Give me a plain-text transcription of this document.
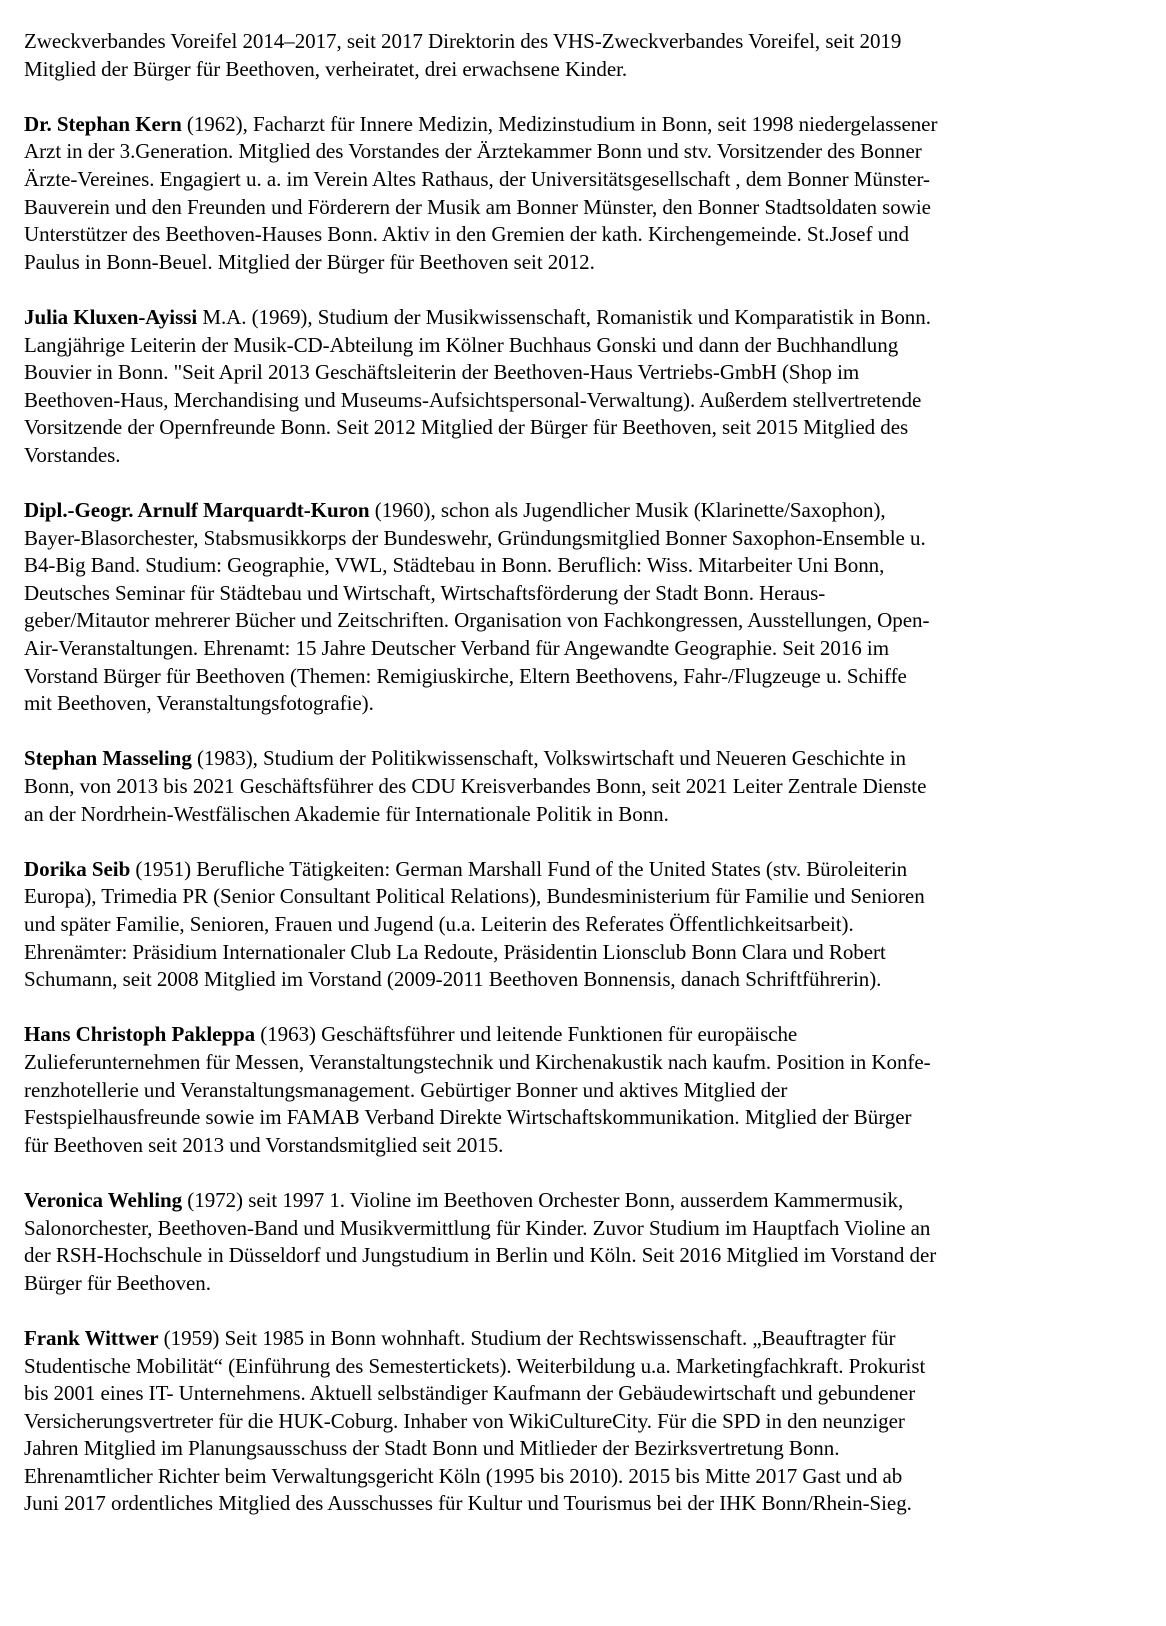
Zweckverbandes Voreifel 2014–2017, seit 2017 Direktorin des VHS-Zweckverbandes Voreifel, seit 2019
Mitglied der Bürger für Beethoven, verheiratet, drei erwachsene Kinder.

Dr. Stephan Kern (1962), Facharzt für Innere Medizin, Medizinstudium in Bonn, seit 1998 niedergelassener
Arzt in der 3.Generation. Mitglied des Vorstandes der Ärztekammer Bonn und stv. Vorsitzender des Bonner
Ärzte-Vereines. Engagiert u. a. im Verein Altes Rathaus, der Universitätsgesellschaft , dem Bonner Münster-
Bauverein und den Freunden und Förderern der Musik am Bonner Münster, den Bonner Stadtsoldaten sowie
Unterstützer des Beethoven-Hauses Bonn. Aktiv in den Gremien der kath. Kirchengemeinde. St.Josef und
Paulus in Bonn-Beuel. Mitglied der Bürger für Beethoven seit 2012.

Julia Kluxen-Ayissi M.A. (1969), Studium der Musikwissenschaft, Romanistik und Komparatistik in Bonn.
Langjährige Leiterin der Musik-CD-Abteilung im Kölner Buchhaus Gonski und dann der Buchhandlung
Bouvier in Bonn. "Seit April 2013 Geschäftsleiterin der Beethoven-Haus Vertriebs-GmbH (Shop im
Beethoven-Haus, Merchandising und Museums-Aufsichtspersonal-Verwaltung). Außerdem stellvertretende
Vorsitzende der Opernfreunde Bonn. Seit 2012 Mitglied der Bürger für Beethoven, seit 2015 Mitglied des
Vorstandes.

Dipl.-Geogr. Arnulf Marquardt-Kuron (1960), schon als Jugendlicher Musik (Klarinette/Saxophon),
Bayer-Blasorchester, Stabsmusikkorps der Bundeswehr, Gründungsmitglied Bonner Saxophon-Ensemble u.
B4-Big Band. Studium: Geographie, VWL, Städtebau in Bonn. Beruflich: Wiss. Mitarbeiter Uni Bonn,
Deutsches Seminar für Städtebau und Wirtschaft, Wirtschaftsförderung der Stadt Bonn. Heraus-
geber/Mitautor mehrerer Bücher und Zeitschriften. Organisation von Fachkongressen, Ausstellungen, Open-
Air-Veranstaltungen. Ehrenamt: 15 Jahre Deutscher Verband für Angewandte Geographie. Seit 2016 im
Vorstand Bürger für Beethoven (Themen: Remigiuskirche, Eltern Beethovens, Fahr-/Flugzeuge u. Schiffe
mit Beethoven, Veranstaltungsfotografie).

Stephan Masseling (1983), Studium der Politikwissenschaft, Volkswirtschaft und Neueren Geschichte in
Bonn, von 2013 bis 2021 Geschäftsführer des CDU Kreisverbandes Bonn, seit 2021 Leiter Zentrale Dienste
an der Nordrhein-Westfälischen Akademie für Internationale Politik in Bonn.

Dorika Seib (1951) Berufliche Tätigkeiten: German Marshall Fund of the United States (stv. Büroleiterin
Europa), Trimedia PR (Senior Consultant Political Relations), Bundesministerium für Familie und Senioren
und später Familie, Senioren, Frauen und Jugend (u.a. Leiterin des Referates Öffentlichkeitsarbeit).
Ehrenämter: Präsidium Internationaler Club La Redoute, Präsidentin Lionsclub Bonn Clara und Robert
Schumann, seit 2008 Mitglied im Vorstand (2009-2011 Beethoven Bonnensis, danach Schriftführerin).

Hans Christoph Pakleppa (1963) Geschäftsführer und leitende Funktionen für europäische
Zulieferunternehmen für Messen, Veranstaltungstechnik und Kirchenakustik nach kaufm. Position in Konfe-
renzhotellerie und Veranstaltungsmanagement. Gebürtiger Bonner und aktives Mitglied der
Festspielhausfreunde sowie im FAMAB Verband Direkte Wirtschaftskommunikation. Mitglied der Bürger
für Beethoven seit 2013 und Vorstandsmitglied seit 2015.

Veronica Wehling (1972) seit 1997 1. Violine im Beethoven Orchester Bonn, ausserdem Kammermusik,
Salonorchester, Beethoven-Band und Musikvermittlung für Kinder. Zuvor Studium im Hauptfach Violine an
der RSH-Hochschule in Düsseldorf und Jungstudium in Berlin und Köln. Seit 2016 Mitglied im Vorstand der
Bürger für Beethoven.

Frank Wittwer (1959) Seit 1985 in Bonn wohnhaft. Studium der Rechtswissenschaft. „Beauftragter für
Studentische Mobilität“ (Einführung des Semestertickets). Weiterbildung u.a. Marketingfachkraft. Prokurist
bis 2001 eines IT- Unternehmens. Aktuell selbständiger Kaufmann der Gebäudewirtschaft und gebundener
Versicherungsvertreter für die HUK-Coburg. Inhaber von WikiCultureCity. Für die SPD in den neunziger
Jahren Mitglied im Planungsausschuss der Stadt Bonn und Mitlieder der Bezirksvertretung Bonn.
Ehrenamtlicher Richter beim Verwaltungsgericht Köln (1995 bis 2010). 2015 bis Mitte 2017 Gast und ab
Juni 2017 ordentliches Mitglied des Ausschusses für Kultur und Tourismus bei der IHK Bonn/Rhein-Sieg.
